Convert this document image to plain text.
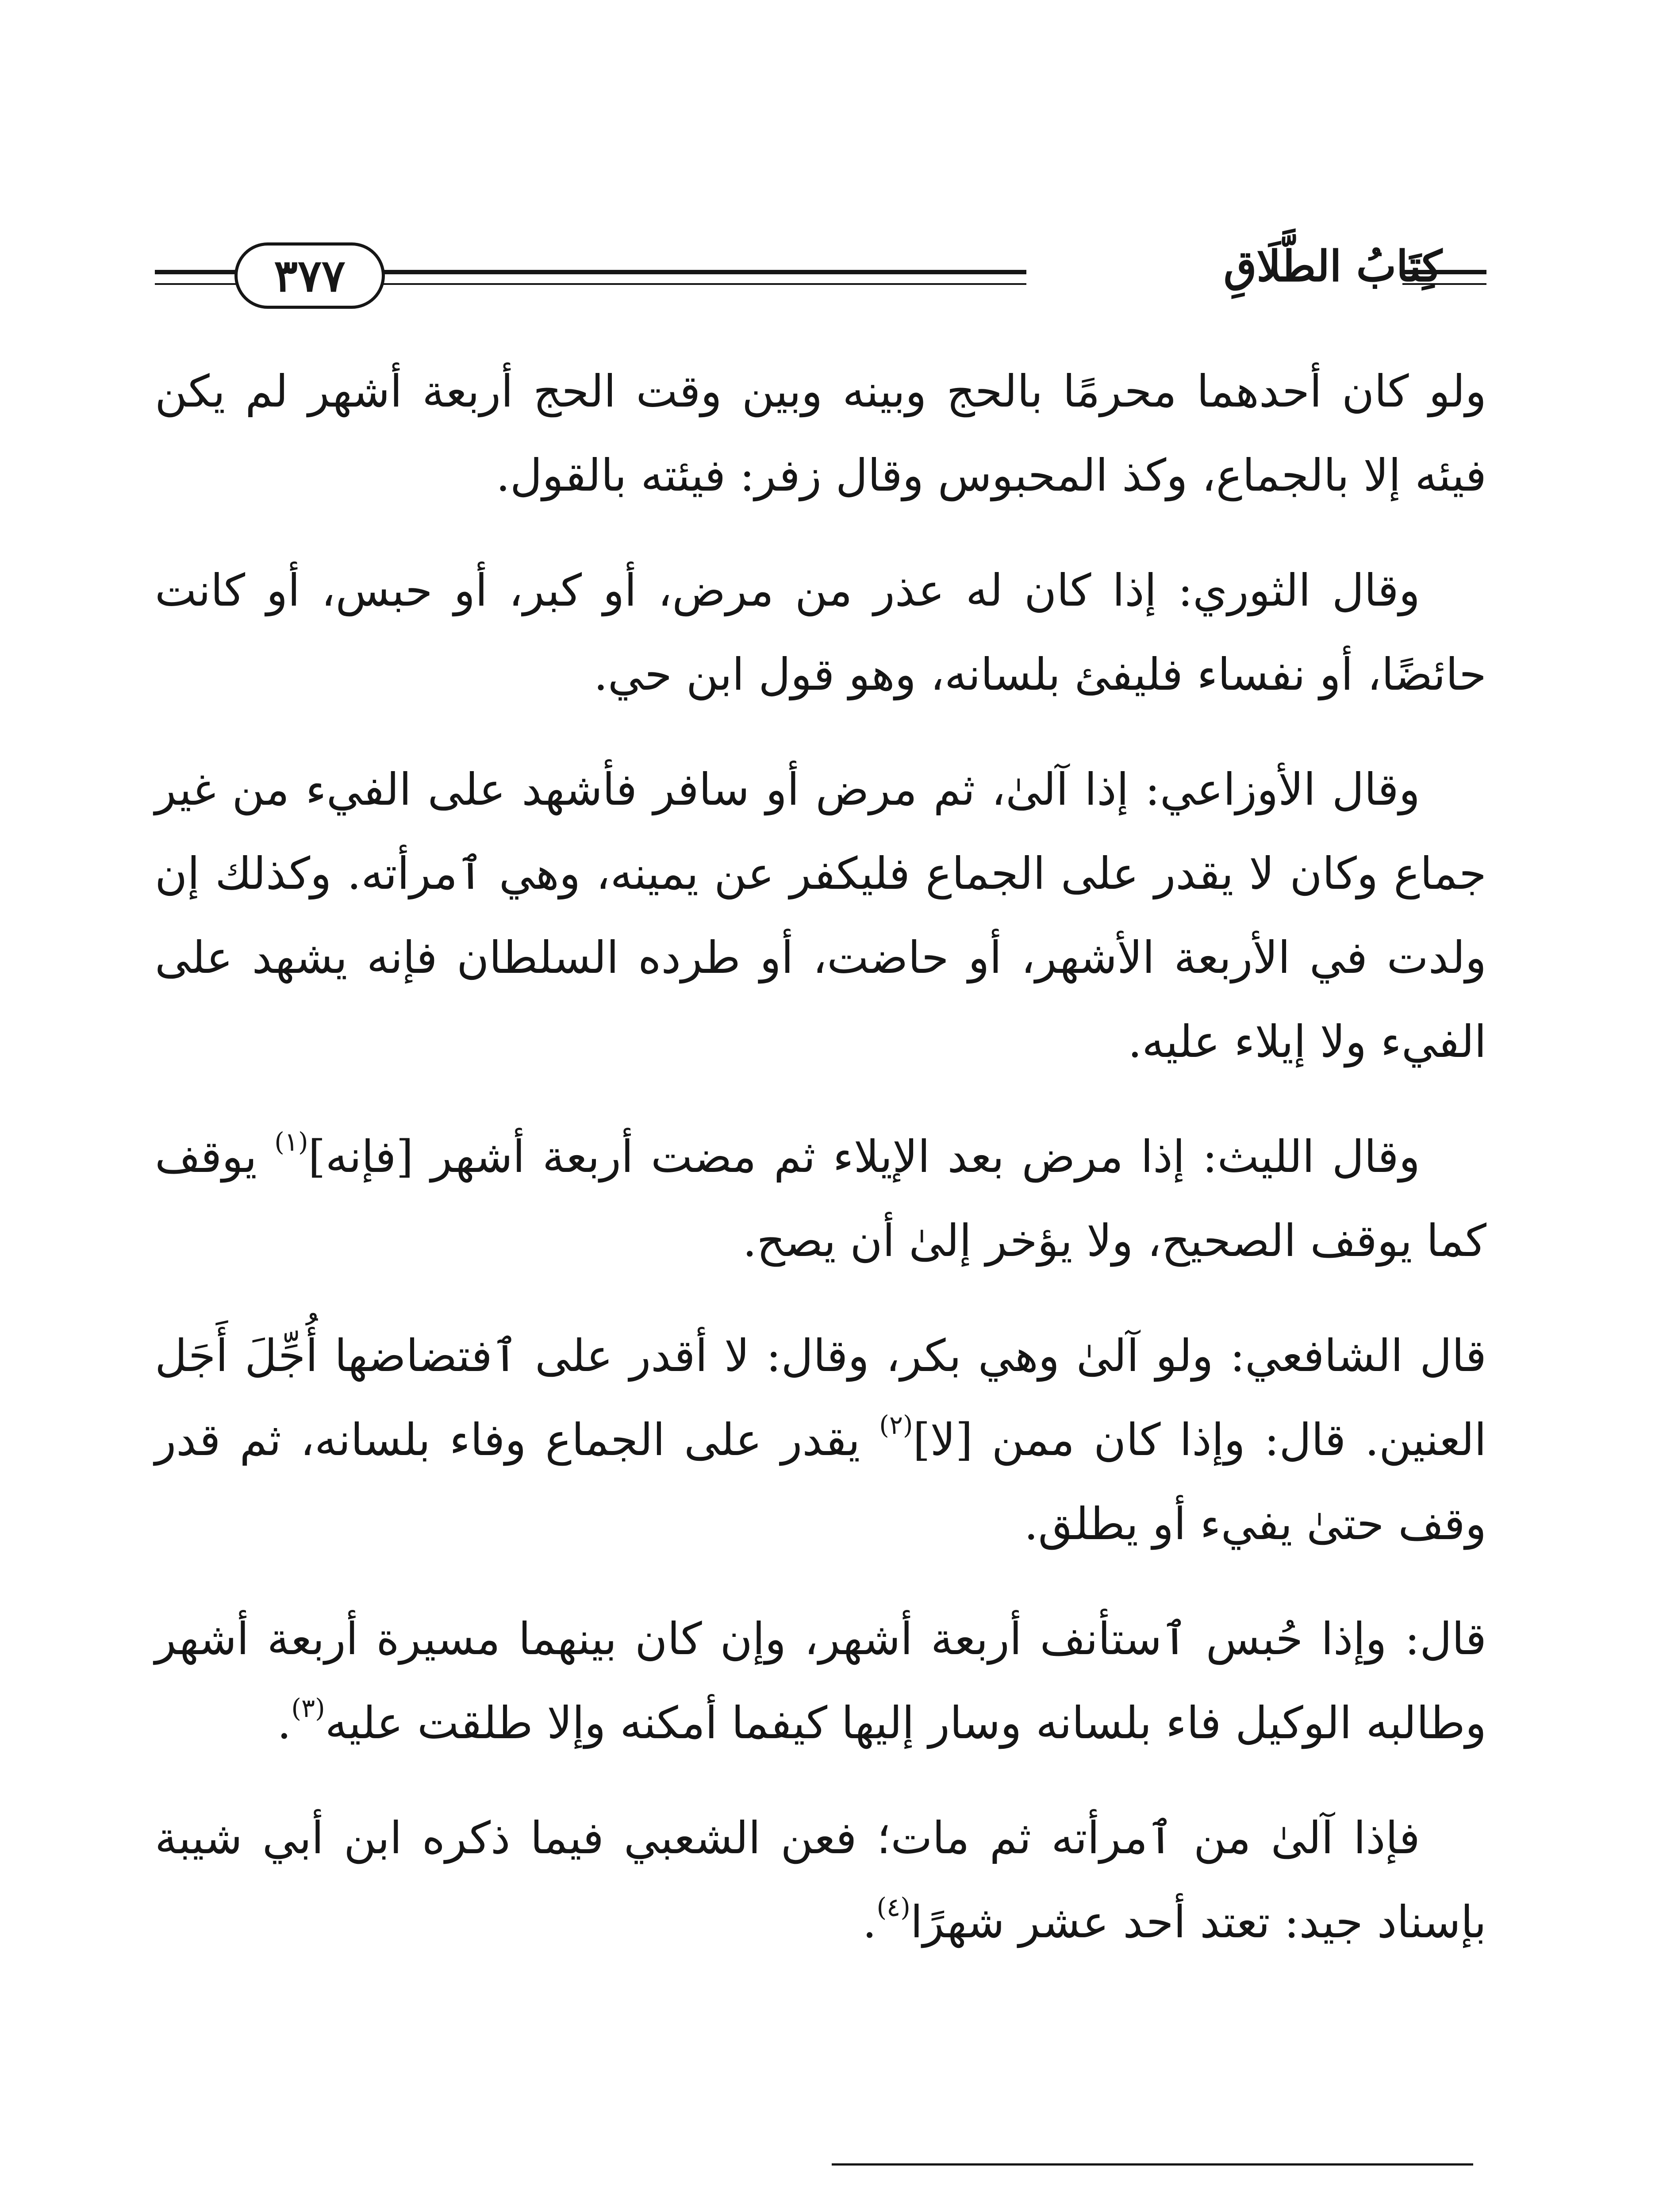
كِتَابُ الطَّلَاقِ
٣٧٧

ولو كان أحدهما محرمًا بالحج وبينه وبين وقت الحج أربعة أشهر لم يكن فيئه إلا بالجماع، وكذ المحبوس وقال زفر: فيئته بالقول.

وقال الثوري: إذا كان له عذر من مرض، أو كبر، أو حبس، أو كانت حائضًا، أو نفساء فليفئ بلسانه، وهو قول ابن حي.

وقال الأوزاعي: إذا آلىٰ، ثم مرض أو سافر فأشهد على الفيء من غير جماع وكان لا يقدر على الجماع فليكفر عن يمينه، وهي ٱمرأته. وكذلك إن ولدت في الأربعة الأشهر، أو حاضت، أو طرده السلطان فإنه يشهد على الفيء ولا إيلاء عليه.

وقال الليث: إذا مرض بعد الإيلاء ثم مضت أربعة أشهر [فإنه]$^{(١)}$ يوقف كما يوقف الصحيح، ولا يؤخر إلىٰ أن يصح.

قال الشافعي: ولو آلىٰ وهي بكر، وقال: لا أقدر على ٱفتضاضها أُجِّلَ أَجَل العنين. قال: وإذا كان ممن [لا]$^{(٢)}$ يقدر على الجماع وفاء بلسانه، ثم قدر وقف حتىٰ يفيء أو يطلق.

قال: وإذا حُبس ٱستأنف أربعة أشهر، وإن كان بينهما مسيرة أربعة أشهر وطالبه الوكيل فاء بلسانه وسار إليها كيفما أمكنه وإلا طلقت عليه$^{(٣)}$.

فإذا آلىٰ من ٱمرأته ثم مات؛ فعن الشعبي فيما ذكره ابن أبي شيبة بإسناد جيد: تعتد أحد عشر شهرًا$^{(٤)}$.
